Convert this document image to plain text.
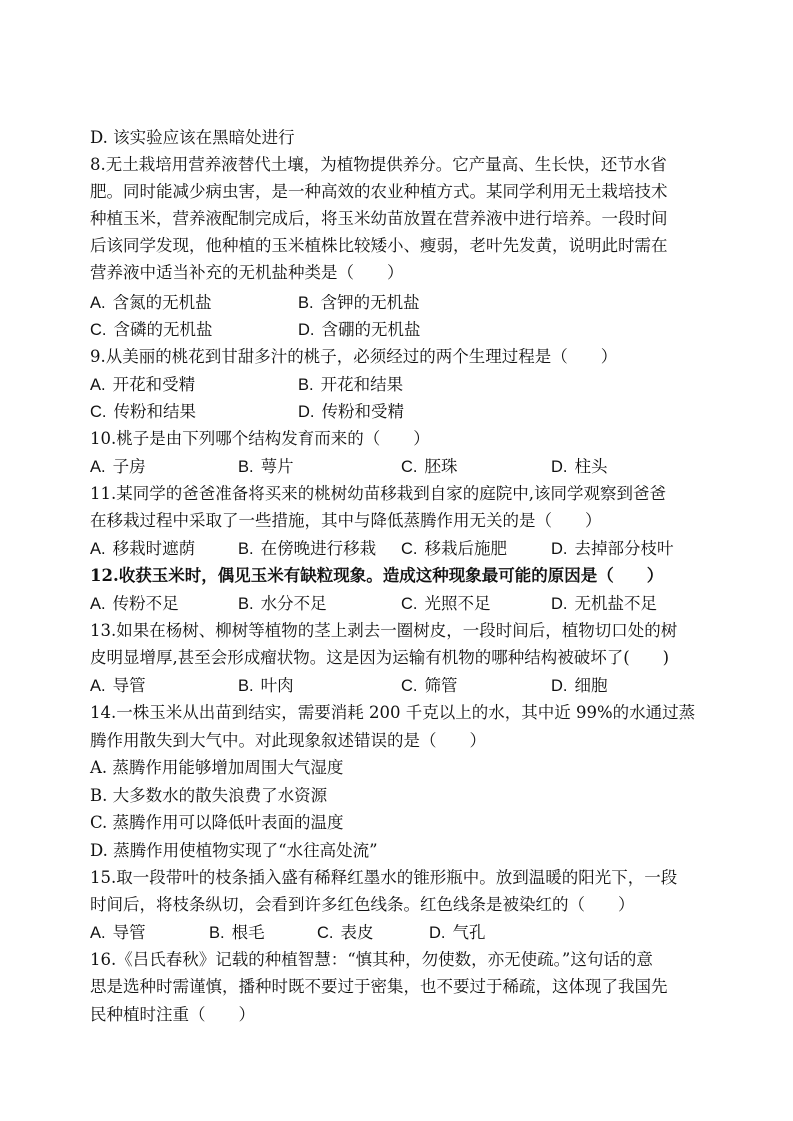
D. 该实验应该在黑暗处进行
8.无土栽培用营养液替代土壤，为植物提供养分。它产量高、生长快，还节水省
肥。同时能减少病虫害，是一种高效的农业种植方式。某同学利用无土栽培技术
种植玉米，营养液配制完成后，将玉米幼苗放置在营养液中进行培养。一段时间
后该同学发现，他种植的玉米植株比较矮小、瘦弱，老叶先发黄，说明此时需在
营养液中适当补充的无机盐种类是（　　）
A. 含氮的无机盐	B. 含钾的无机盐
C. 含磷的无机盐	D. 含硼的无机盐
9.从美丽的桃花到甘甜多汁的桃子，必须经过的两个生理过程是（　　）
A. 开花和受精	B. 开花和结果
C. 传粉和结果	D. 传粉和受精
10.桃子是由下列哪个结构发育而来的（　　）
A. 子房	B. 萼片	C. 胚珠	D. 柱头
11.某同学的爸爸准备将买来的桃树幼苗移栽到自家的庭院中,该同学观察到爸爸
在移栽过程中采取了一些措施，其中与降低蒸腾作用无关的是（　　）
A. 移栽时遮荫	B. 在傍晚进行移栽 C. 移栽后施肥	D. 去掉部分枝叶
12.收获玉米时，偶见玉米有缺粒现象。造成这种现象最可能的原因是（　　）
A. 传粉不足	B. 水分不足	C. 光照不足	D. 无机盐不足
13.如果在杨树、柳树等植物的茎上剥去一圈树皮，一段时间后，植物切口处的树
皮明显增厚,甚至会形成瘤状物。这是因为运输有机物的哪种结构被破坏了(　　)
A. 导管	B. 叶肉	C. 筛管	D. 细胞
14.一株玉米从出苗到结实，需要消耗 200 千克以上的水，其中近 99%的水通过蒸
腾作用散失到大气中。对此现象叙述错误的是（　　）
A. 蒸腾作用能够增加周围大气湿度
B. 大多数水的散失浪费了水资源
C. 蒸腾作用可以降低叶表面的温度
D. 蒸腾作用使植物实现了“水往高处流”
15.取一段带叶的枝条插入盛有稀释红墨水的锥形瓶中。放到温暖的阳光下，一段
时间后，将枝条纵切，会看到许多红色线条。红色线条是被染红的（　　）
A. 导管	B. 根毛	C. 表皮	D. 气孔
16.《吕氏春秋》记载的种植智慧：“慎其种，勿使数，亦无使疏。”这句话的意
思是选种时需谨慎，播种时既不要过于密集，也不要过于稀疏，这体现了我国先
民种植时注重（　　）
